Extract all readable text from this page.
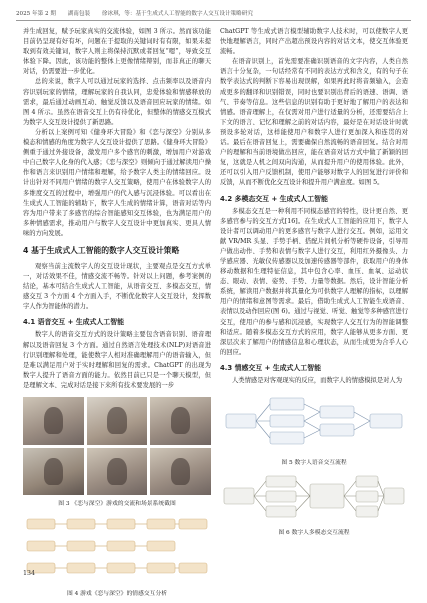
2025 年第 2 期 湖南包装 徐冰琪，等：基于生成式人工智能的数字人交互设计策略研究

并生成回复，赋予玩家真实的交流体验，如图 3 所示。然而该功能目前仍呈现有好有坏，问题在于提取的关键词时有有限，如果未提取到有效关键词，数字人则主将保持沉默或者回复“嗯”，导致交互体验下降。因此，该功能的整体上更像情绪辩别，而非真正的聊天对话，仍需要进一步优化。

总的来说，数字人可以通过玩家的选择、点击频率以及语音内容识别玩家的情绪，理解玩家的自我认同，忠爱体验和情感释放的需求，最后通过动画互动、触觉反馈以及语音回应玩家的情绪。如图 4 所示。虽然在语音交互上仍有待优化，但整体的情感交互模式为数字人交互设计提供了新思路。

分析以上案例可知《健身环大冒险》和《恋与深空》分别从多模态和情感的角度为数字人交互设计提供了思路。《健身环大冒险》侧重于通过外接设备，激发用户多个感官的刺激，增加用户对游戏中自己数字人化身的代入感；《恋与深空》则倾向于通过解读用户操作和语言来识别用户情绪和理解，给予数字人类主的情绪回应。设计出针对不同用户情绪的数字人交互策略，使用户在体验数字人的多维度交互的过程中，增强用户的代入感与沉浸体验。可以看出在生成式人工智能的辅助下，数字人生成的情绪计算，语音对话等内容为用户带来了多感官的综合智能感知交互体验，也为满足用户的多种情感需求，推动用户与数字人交互设计中更加真实、更具人情味的方向发展。

4 基于生成式人工智能的数字人交互设计策略

观察当前主流数字人的交互设计现状，主要观点是交互方式单一，对话效果不佳，情感交流不畅等。针对以上问题，参考案例的结论，基本可结合生成式人工智能，从语音交互、多模态交互，情感交互 3 个方面 4 个方面入手，不断优化数字人交互设计，发挥数字人作为智能体的潜力。

4.1 语音交互 + 生成式人工智能

数字人的语音交互方式的设计策略主要包含语音识别、语音理解以及语音回复 3 个方面。通过自然语言处理技术(NLP)对语音进行识别理解和处理，能使数字人相对准确理解用户的语音输入，但是难以满足用户对于实时理解和回复的需求。ChatGPT 的出现为数字人提升了语音方面的能力。依然目前已只是一个聊天模型，但是理解文本、完成对话是接下来所有技术要发展的一步

图 3 《恋与深空》游戏的交流和场景系统截图
图 4 游戏《恋与深空》的情感交互分析

ChatGPT 等生成式语言模型辅助数字人技术时，可以使数字人更快地理解语言，同时产出超出预设内容的对话文本，使交互体验更流畅。

在语音识别上，首先需要准确识别语音的文字内容，人类自然语言十分复杂，一句话经常有不同的表达方式和含义，有的句子在数学表达式的判断下容易出现误解，如果再此时将音频输入，会造成更多的翻译和识别错误，同时也要识别出背后的语速、语调、语气、节奏等信息。这些信息的识别有助于更好地了解用户的表达和情感。语音理解上，在仅需对用户进行适量的分析，还需要结合上下文的语言、记忆和理解之前的对话内容，最好是在对话设计时就预设多轮对话，这样能使用户和数字人进行更加深入和连贯的对话。最后在语音回复上，需要确保自然流畅的语音回复。结合对用户的理解和当前语境做出回应，能在语音对话方式中做了新颖的回复，这就是人机之间双向沟通，从而提升用户的使用体验。此外，还可以引入用户反馈机制，使用户能够对数字人的回复进行评价和反馈，从而不断优化交互设计和提升用户满意度。如图 5。

4.2 多模态交互 + 生成式人工智能

多模态交互是一种利用不同模态感官的特性，设计更自然、更多感官参与的交互方式[16]。在生成式人工智能的应用下，数字人设计者可以调动用户的更多感官与数字人进行交互。例如，运用文献 VR/MR 头显、手势手柄、搭配片间机分析等硬件设备，引导用户做出动作、手势和表情与数字人进行交互，利用红外摄像头、力学感应器、光敏仪传感器以及加速传感器等部件，获取用户的身体移动数据和生理特征信息，其中包含心率、血压、血氧、运动状态、眼动、表情、姿势、手势、力量等数据。然后，设计智能分析系统，解读用户数据并将其量化为可供数字人理解的指标，以理解用户的情绪和意图等需求。最后，借助生成式人工智能生成语音、表情以及动作回应(图 6)。通过与视觉、听觉、触觉等多种感官进行交互，使用户的参与感和沉浸感，实现数字人交互行为的智能调整和适应。随着多模态交互方式的应用，数字人能够从更多方面、更深层次来了解用户的情感信息和心理状态，从而生成更为合乎人心的回应。

4.3 情感交互 + 生成式人工智能

人类情感是对客观现实的反应，而数字人的情感模拟是对人为

图 5 数字人语音交互流程
图 6 数字人多模态交互流程
134
